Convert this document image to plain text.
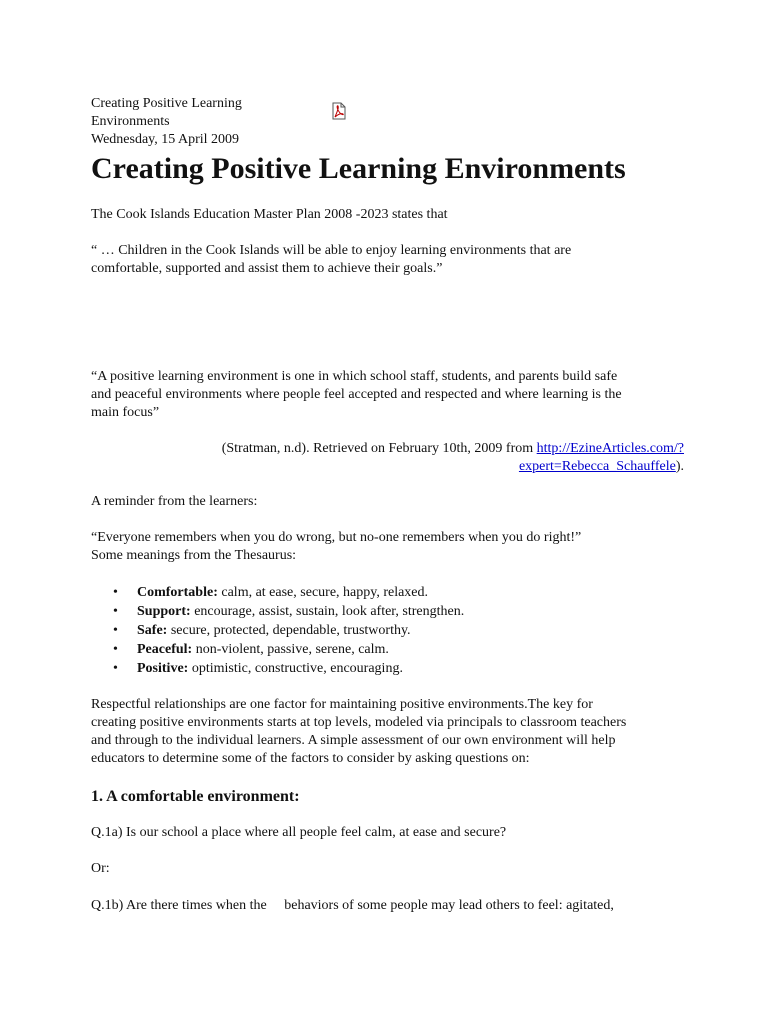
Creating Positive Learning
Environments
Wednesday, 15 April 2009
Creating Positive Learning Environments
The Cook Islands Education Master Plan 2008 -2023 states that
“ … Children in the Cook Islands will be able to enjoy learning environments that are
comfortable, supported and assist them to achieve their goals.”
“A positive learning environment is one in which school staff, students, and parents build safe
and peaceful environments where people feel accepted and respected and where learning is the
main focus”
(Stratman, n.d). Retrieved on February 10th, 2009 from http://EzineArticles.com/?
expert=Rebecca_Schauffele).
A reminder from the learners:
“Everyone remembers when you do wrong, but no-one remembers when you do right!”
Some meanings from the Thesaurus:
• Comfortable: calm, at ease, secure, happy, relaxed.
• Support: encourage, assist, sustain, look after, strengthen.
• Safe: secure, protected, dependable, trustworthy.
• Peaceful: non-violent, passive, serene, calm.
• Positive: optimistic, constructive, encouraging.
Respectful relationships are one factor for maintaining positive environments.The key for
creating positive environments starts at top levels, modeled via principals to classroom teachers
and through to the individual learners. A simple assessment of our own environment will help
educators to determine some of the factors to consider by asking questions on:
1. A comfortable environment:
Q.1a) Is our school a place where all people feel calm, at ease and secure?
Or:
Q.1b) Are there times when the     behaviors of some people may lead others to feel: agitated,
